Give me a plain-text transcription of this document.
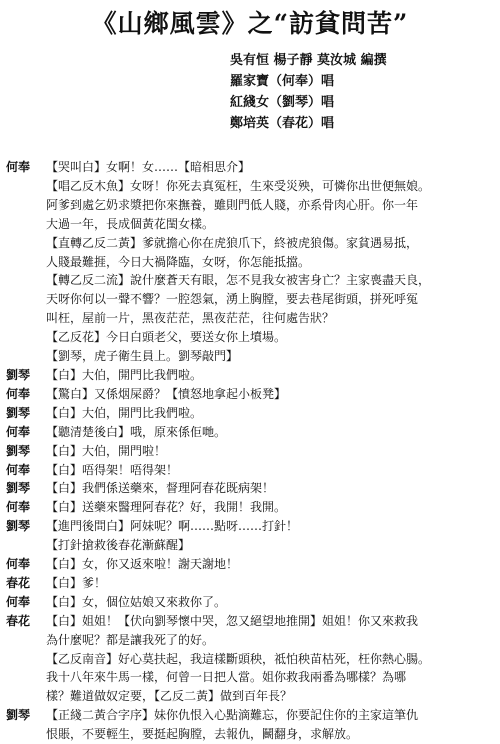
《山鄉風雲》之“訪貧問苦”
吳有恒 楊子靜 莫汝城 編撰
羅家寶（何奉）唱
紅綫女（劉琴）唱
鄭培英（春花）唱
何奉	【哭叫白】女啊！女……【暗相思介】
【唱乙反木魚】女呀！你死去真冤枉，生來受災殃，可憐你出世便無娘。
阿爹到處乞奶求漿把你來撫養，雖則門低人賤，亦系骨肉心肝。你一年
大過一年，長成個黃花閨女樣。
【直轉乙反二黃】爹就擔心你在虎狼爪下，終被虎狼傷。家貧遇易抵，
人賤最難捱，今日大禍降臨，女呀，你怎能抵擋。
【轉乙反二流】說什麼蒼天有眼，怎不見我女被害身亡？主家喪盡天良，
天呀你何以一聲不響？一腔怨氣，湧上胸膛，要去巷尾街頭，拼死呼冤
叫枉，屋前一片，黑夜茫茫，黑夜茫茫，往何處告狀？
【乙反花】今日白頭老父，要送女你上墳場。
【劉琴，虎子衛生員上。劉琴敲門】
劉琴	【白】大伯，開門比我們啦。
何奉	【驚白】又係烟屎爵？【憤怒地拿起小板凳】
劉琴	【白】大伯，開門比我們啦。
何奉	【聽清楚後白】哦，原來係佢哋。
劉琴	【白】大伯，開門啦！
何奉	【白】唔得架！唔得架！
劉琴	【白】我們係送藥來，督理阿春花既病架！
何奉	【白】送藥來醫理阿春花？好，我開！我開。
劉琴	【進門後問白】阿妹呢？啊……點呀……打針！
【打針搶救後春花漸蘇醒】
何奉	【白】女，你又返來啦！謝天謝地！
春花	【白】爹！
何奉	【白】女，個位姑娘又來救你了。
春花	【白】姐姐！【伏向劉琴懷中哭，忽又絕望地推開】姐姐！你又來救我
為什麼呢？都是讓我死了的好。
【乙反南音】好心莫扶起，我這樣斷頭秧，祗怕秧苗枯死，枉你熱心腸。
我十八年來牛馬一樣，何曾一日把人當。姐你救我兩番為哪樣？為哪
樣？難道做奴定要，【乙反二黃】做到百年長？
劉琴	【正綫二黃合字序】妹你仇恨入心點滴難忘，你要記住你的主家這筆仇
恨賬，不要輕生，要挺起胸膛，去報仇，鬭翻身，求解放。
